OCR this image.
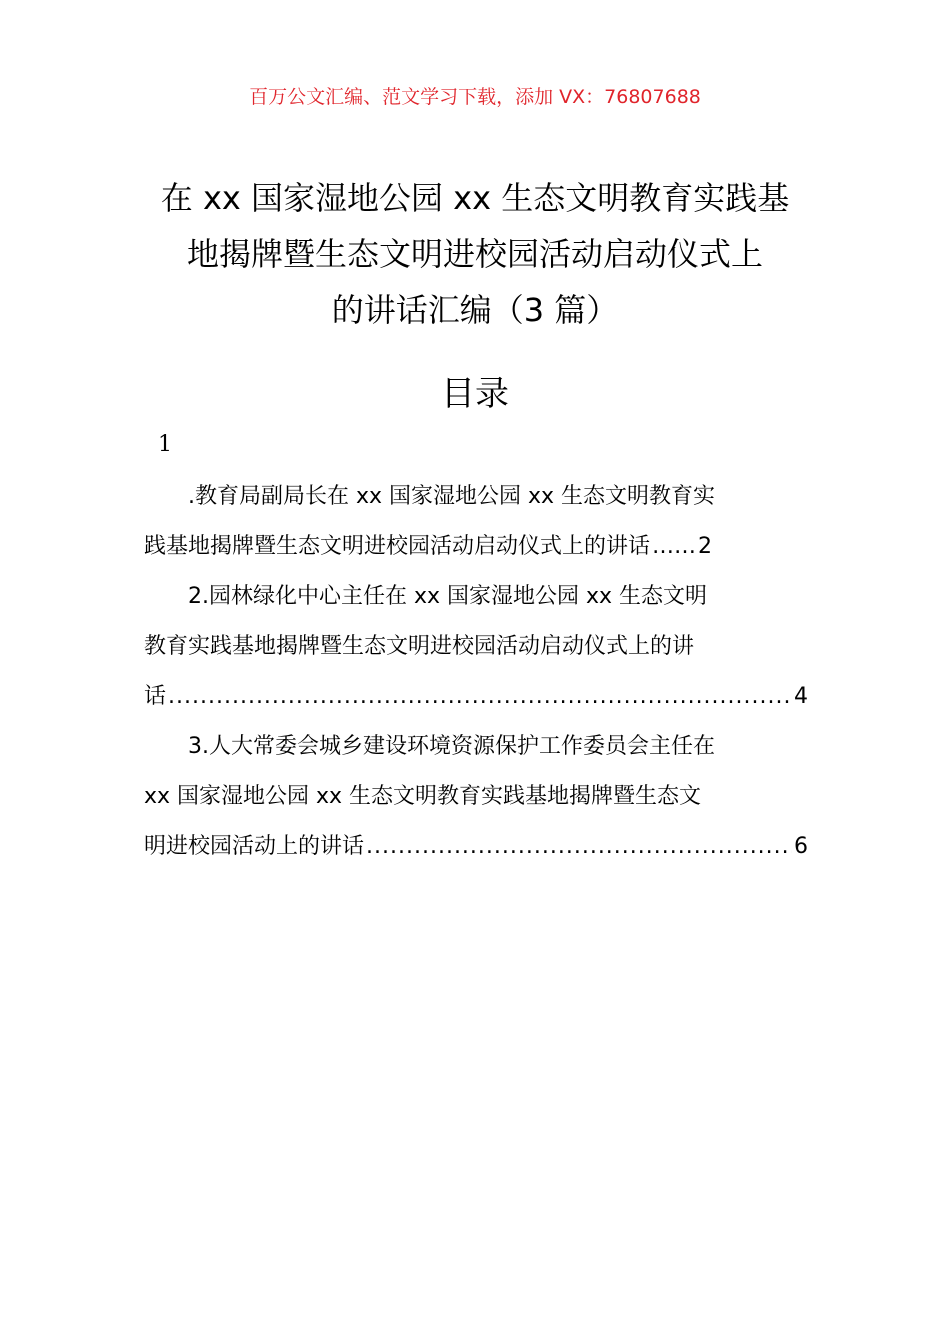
百万公文汇编、范文学习下载，添加 VX：76807688
在 xx 国家湿地公园 xx 生态文明教育实践基
地揭牌暨生态文明进校园活动启动仪式上
的讲话汇编（3 篇）
目录
1
.教育局副局长在 xx 国家湿地公园 xx 生态文明教育实
践基地揭牌暨生态文明进校园活动启动仪式上的讲话 …… 2
2.园林绿化中心主任在 xx 国家湿地公园 xx 生态文明
教育实践基地揭牌暨生态文明进校园活动启动仪式上的讲
话 .....	4
3.人大常委会城乡建设环境资源保护工作委员会主任在
xx 国家湿地公园 xx 生态文明教育实践基地揭牌暨生态文
明进校园活动上的讲话 .....	6
